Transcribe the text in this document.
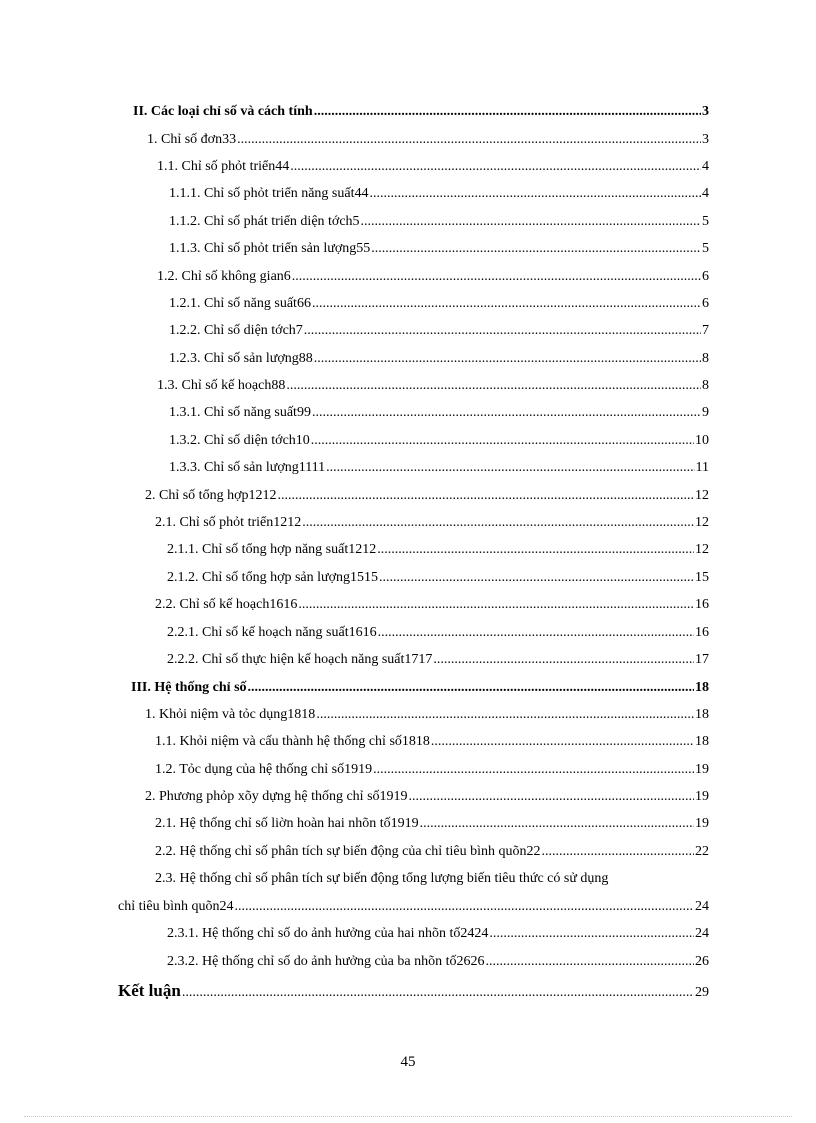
II. Các loại chỉ số và cách tính .....	3
1. Chỉ số đơn33 .....	3
1.1. Chỉ số phỏt triển44 .....	4
1.1.1. Chỉ số phỏt triển năng suất44 .....	4
1.1.2. Chỉ số phát triển diện tớch5 .....	5
1.1.3. Chỉ số phỏt triển sản lượng55 .....	5
1.2. Chỉ số không gian6 .....	6
1.2.1. Chỉ số năng suất66 .....	6
1.2.2. Chỉ số diện tớch7 .....	7
1.2.3. Chỉ số sản lượng88 .....	8
1.3. Chỉ số kế hoạch88 .....	8
1.3.1. Chỉ số năng suất99 .....	9
1.3.2. Chỉ số diện tớch10 .....	10
1.3.3. Chỉ số sản lượng1111 .....	11
2. Chỉ số tổng hợp1212 .....	12
2.1. Chỉ số phỏt triển1212 .....	12
2.1.1. Chỉ số tổng hợp năng suất1212 .....	12
2.1.2. Chỉ số tổng hợp sản lượng1515 .....	15
2.2. Chỉ số kế hoạch1616 .....	16
2.2.1. Chỉ số kế hoạch năng suất1616 .....	16
2.2.2. Chỉ số thực hiện kế hoạch năng suất1717 .....	17
III. Hệ thống chỉ số .....	18
1. Khỏi niệm và tỏc dụng1818 .....	18
1.1. Khỏi niệm và cấu thành hệ thống chỉ số1818 .....	18
1.2. Tỏc dụng của hệ thống chỉ số1919 .....	19
2. Phương phỏp xõy dựng hệ thống chỉ số1919 .....	19
2.1. Hệ thống chỉ số liờn hoàn hai nhõn tố1919 .....	19
2.2. Hệ thống chỉ số phân tích sự biến động của chỉ tiêu bình quõn22 .....	22
2.3. Hệ thống chỉ số phân tích sự biến động tổng lượng biến tiêu thức có sử dụng
chỉ tiêu bình quõn24 .....	24
2.3.1. Hệ thống chỉ số do ảnh hưởng của hai nhõn tố2424 .....	24
2.3.2. Hệ thống chỉ số do ảnh hưởng của ba nhõn tố2626 .....	26
Kết luận .....	29
45
